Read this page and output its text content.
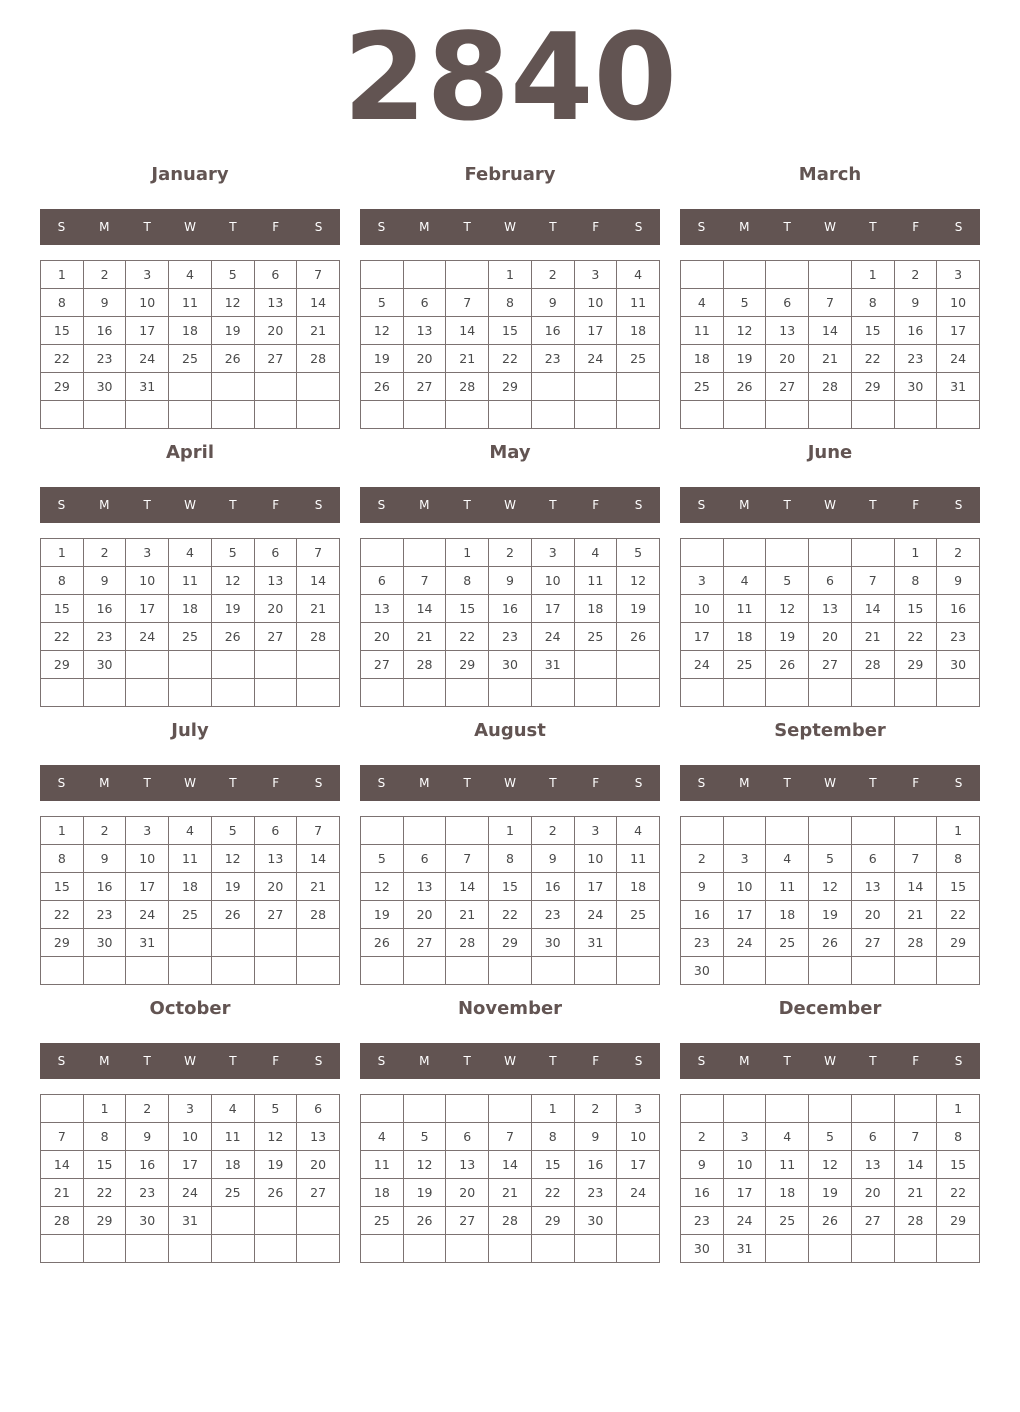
2840
January
S	M	T	W	T	F	S
1	2	3	4	5	6	7
8	9	10	11	12	13	14
15	16	17	18	19	20	21
22	23	24	25	26	27	28
29	30	31				

February
S	M	T	W	T	F	S
			1	2	3	4
5	6	7	8	9	10	11
12	13	14	15	16	17	18
19	20	21	22	23	24	25
26	27	28	29			

March
S	M	T	W	T	F	S
				1	2	3
4	5	6	7	8	9	10
11	12	13	14	15	16	17
18	19	20	21	22	23	24
25	26	27	28	29	30	31

April
S	M	T	W	T	F	S
1	2	3	4	5	6	7
8	9	10	11	12	13	14
15	16	17	18	19	20	21
22	23	24	25	26	27	28
29	30					

May
S	M	T	W	T	F	S
		1	2	3	4	5
6	7	8	9	10	11	12
13	14	15	16	17	18	19
20	21	22	23	24	25	26
27	28	29	30	31		

June
S	M	T	W	T	F	S
					1	2
3	4	5	6	7	8	9
10	11	12	13	14	15	16
17	18	19	20	21	22	23
24	25	26	27	28	29	30

July
S	M	T	W	T	F	S
1	2	3	4	5	6	7
8	9	10	11	12	13	14
15	16	17	18	19	20	21
22	23	24	25	26	27	28
29	30	31				

August
S	M	T	W	T	F	S
			1	2	3	4
5	6	7	8	9	10	11
12	13	14	15	16	17	18
19	20	21	22	23	24	25
26	27	28	29	30	31	

September
S	M	T	W	T	F	S
						1
2	3	4	5	6	7	8
9	10	11	12	13	14	15
16	17	18	19	20	21	22
23	24	25	26	27	28	29
30						
October
S	M	T	W	T	F	S
	1	2	3	4	5	6
7	8	9	10	11	12	13
14	15	16	17	18	19	20
21	22	23	24	25	26	27
28	29	30	31			

November
S	M	T	W	T	F	S
				1	2	3
4	5	6	7	8	9	10
11	12	13	14	15	16	17
18	19	20	21	22	23	24
25	26	27	28	29	30	

December
S	M	T	W	T	F	S
						1
2	3	4	5	6	7	8
9	10	11	12	13	14	15
16	17	18	19	20	21	22
23	24	25	26	27	28	29
30	31					
